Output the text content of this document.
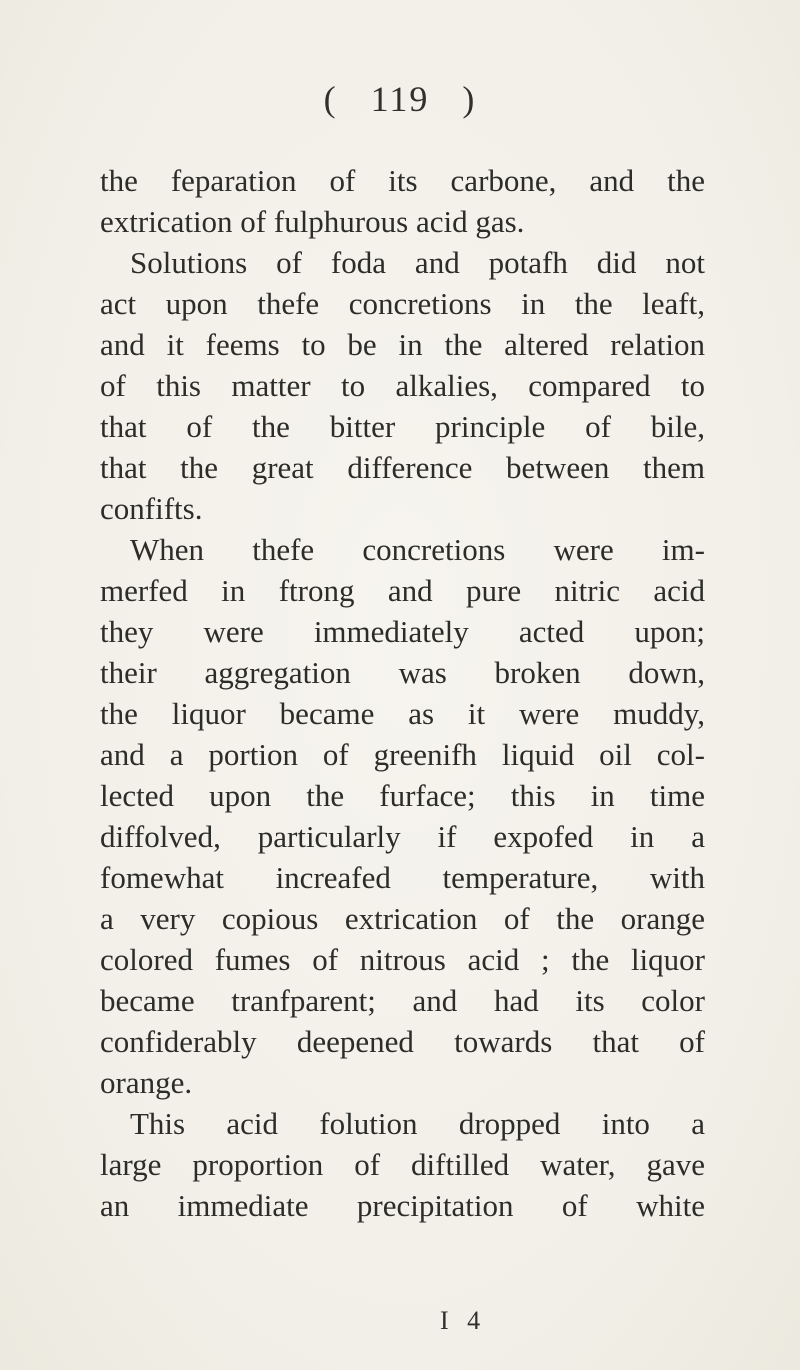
( 119 )
the feparation of its carbone, and the
extrication of fulphurous acid gas.
Solutions of foda and potafh did not
act upon thefe concretions in the leaft,
and it feems to be in the altered relation
of this matter to alkalies, compared to
that of the bitter principle of bile,
that the great difference between them
confifts.
When thefe concretions were im-
merfed in ftrong and pure nitric acid
they were immediately acted upon;
their aggregation was broken down,
the liquor became as it were muddy,
and a portion of greenifh liquid oil col-
lected upon the furface; this in time
diffolved, particularly if expofed in a
fomewhat increafed temperature, with
a very copious extrication of the orange
colored fumes of nitrous acid ; the liquor
became tranfparent; and had its color
confiderably deepened towards that of
orange.
This acid folution dropped into a
large proportion of diftilled water, gave
an immediate precipitation of white
I 4
